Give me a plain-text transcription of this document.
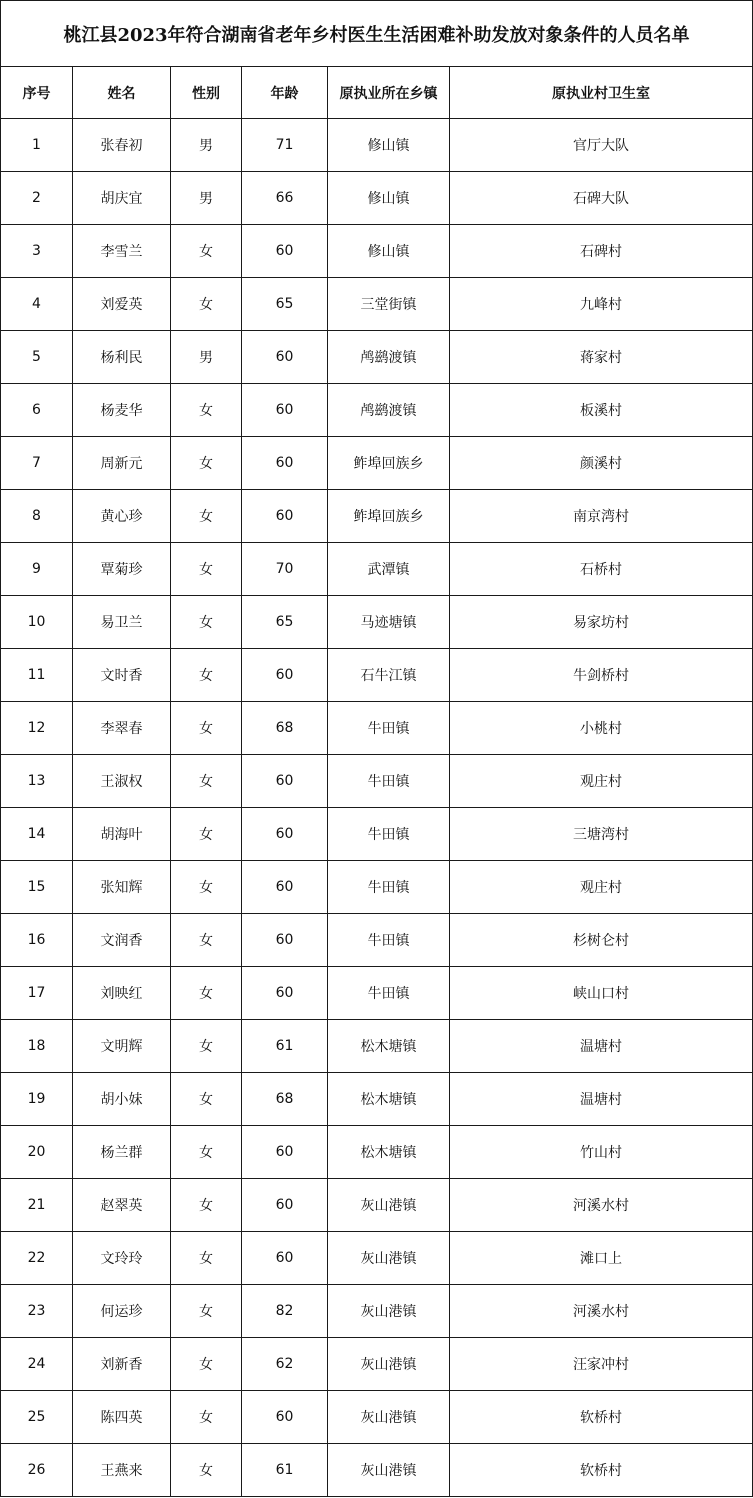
桃江县2023年符合湖南省老年乡村医生生活困难补助发放对象条件的人员名单					
序号	姓名	性别	年龄	原执业所在乡镇	原执业村卫生室
1	张春初	男	71	修山镇	官厅大队
2	胡庆宜	男	66	修山镇	石碑大队
3	李雪兰	女	60	修山镇	石碑村
4	刘爱英	女	65	三堂街镇	九峰村
5	杨利民	男	60	鸬鹚渡镇	蒋家村
6	杨麦华	女	60	鸬鹚渡镇	板溪村
7	周新元	女	60	鲊埠回族乡	颜溪村
8	黄心珍	女	60	鲊埠回族乡	南京湾村
9	覃菊珍	女	70	武潭镇	石桥村
10	易卫兰	女	65	马迹塘镇	易家坊村
11	文时香	女	60	石牛江镇	牛剑桥村
12	李翠春	女	68	牛田镇	小桃村
13	王淑权	女	60	牛田镇	观庄村
14	胡海叶	女	60	牛田镇	三塘湾村
15	张知辉	女	60	牛田镇	观庄村
16	文润香	女	60	牛田镇	杉树仑村
17	刘映红	女	60	牛田镇	峡山口村
18	文明辉	女	61	松木塘镇	温塘村
19	胡小妹	女	68	松木塘镇	温塘村
20	杨兰群	女	60	松木塘镇	竹山村
21	赵翠英	女	60	灰山港镇	河溪水村
22	文玲玲	女	60	灰山港镇	滩口上
23	何运珍	女	82	灰山港镇	河溪水村
24	刘新香	女	62	灰山港镇	汪家冲村
25	陈四英	女	60	灰山港镇	软桥村
26	王燕来	女	61	灰山港镇	软桥村
